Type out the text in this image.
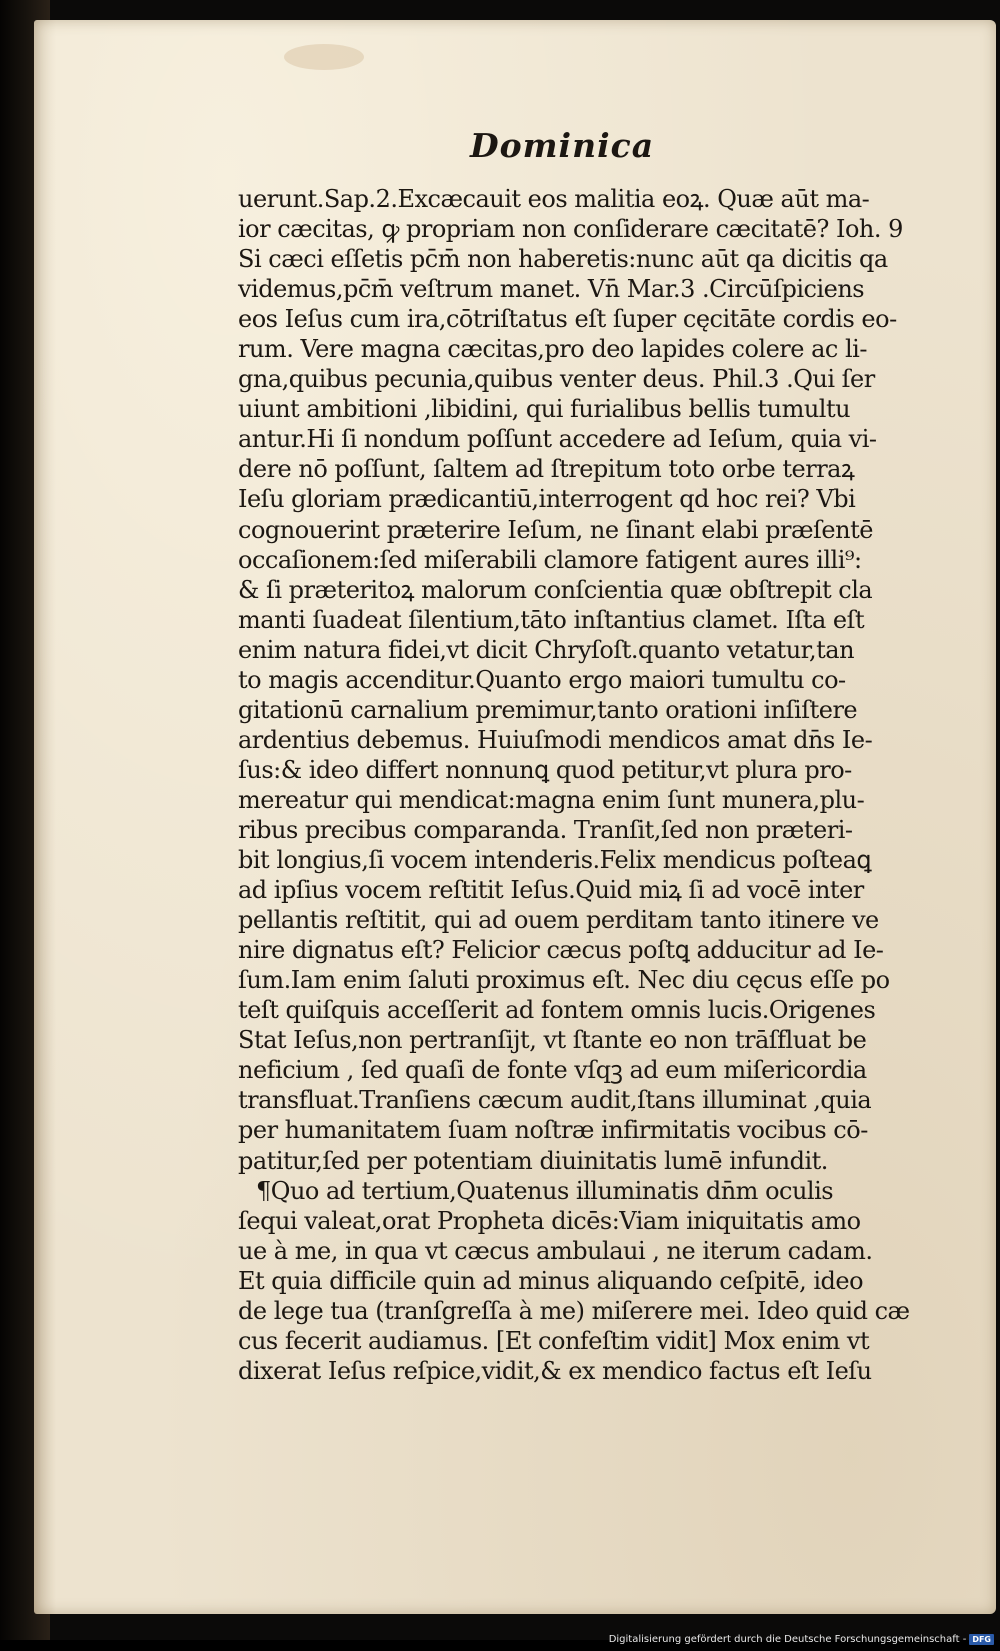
Dominica
uerunt.Sap.2.Excæcauit eos malitia eoꝝ. Quæ aūt ma-
ior cæcitas, ꝙ propriam non conſiderare cæcitatē? Ioh. 9
Si cæci eſſetis pc̄m̄ non haberetis:nunc aūt qa dicitis qa
videmus,pc̄m̄ veſtrum manet. Vn̄ Mar.3 .Circūſpiciens
eos Ieſus cum ira,cōtriſtatus eſt ſuper cęcitāte cordis eo-
rum. Vere magna cæcitas,pro deo lapides colere ac li-
gna,quibus pecunia,quibus venter deus. Phil.3 .Qui ſer
uiunt ambitioni ,libidini, qui furialibus bellis tumultu
antur.Hi ſi nondum poſſunt accedere ad Ieſum, quia vi-
dere nō poſſunt, ſaltem ad ſtrepitum toto orbe terraꝝ
Ieſu gloriam prædicantiū,interrogent qd hoc rei? Vbi
cognouerint præterire Ieſum, ne ſinant elabi præſentē
occaſionem:ſed miſerabili clamore fatigent aures illi⁹:
& ſi præteritoꝝ malorum conſcientia quæ obſtrepit cla
manti ſuadeat ſilentium,tāto inſtantius clamet. Iſta eſt
enim natura fidei,vt dicit Chryſoſt.quanto vetatur,tan
to magis accenditur.Quanto ergo maiori tumultu co-
gitationū carnalium premimur,tanto orationi inſiſtere
ardentius debemus. Huiuſmodi mendicos amat dn̄s Ie-
ſus:& ideo differt nonnunꝗ quod petitur,vt plura pro-
mereatur qui mendicat:magna enim ſunt munera,plu-
ribus precibus comparanda. Tranſit,ſed non præteri-
bit longius,ſi vocem intenderis.Felix mendicus poſteaꝗ
ad ipſius vocem reſtitit Ieſus.Quid miꝝ ſi ad vocē inter
pellantis reſtitit, qui ad ouem perditam tanto itinere ve
nire dignatus eſt? Felicior cæcus poſtꝗ adducitur ad Ie-
ſum.Iam enim ſaluti proximus eſt. Nec diu cęcus eſſe po
teſt quiſquis acceſſerit ad fontem omnis lucis.Origenes
Stat Ieſus,non pertranſijt, vt ſtante eo non trāſfluat be
neficium , ſed quaſi de fonte vſqꝫ ad eum miſericordia
transfluat.Tranſiens cæcum audit,ſtans illuminat ,quia
per humanitatem ſuam noſtræ infirmitatis vocibus cō-
patitur,ſed per potentiam diuinitatis lumē infundit.
¶Quo ad tertium,Quatenus illuminatis dn̄m oculis
ſequi valeat,orat Propheta dicēs:Viam iniquitatis amo
ue à me, in qua vt cæcus ambulaui , ne iterum cadam.
Et quia difficile quin ad minus aliquando ceſpitē, ideo
de lege tua (tranſgreſſa à me) miſerere mei. Ideo quid cæ
cus fecerit audiamus. [Et confeſtim vidit] Mox enim vt
dixerat Ieſus reſpice,vidit,& ex mendico factus eſt Ieſu
Digitalisierung gefördert durch die Deutsche Forschungsgemeinschaft - DFG
